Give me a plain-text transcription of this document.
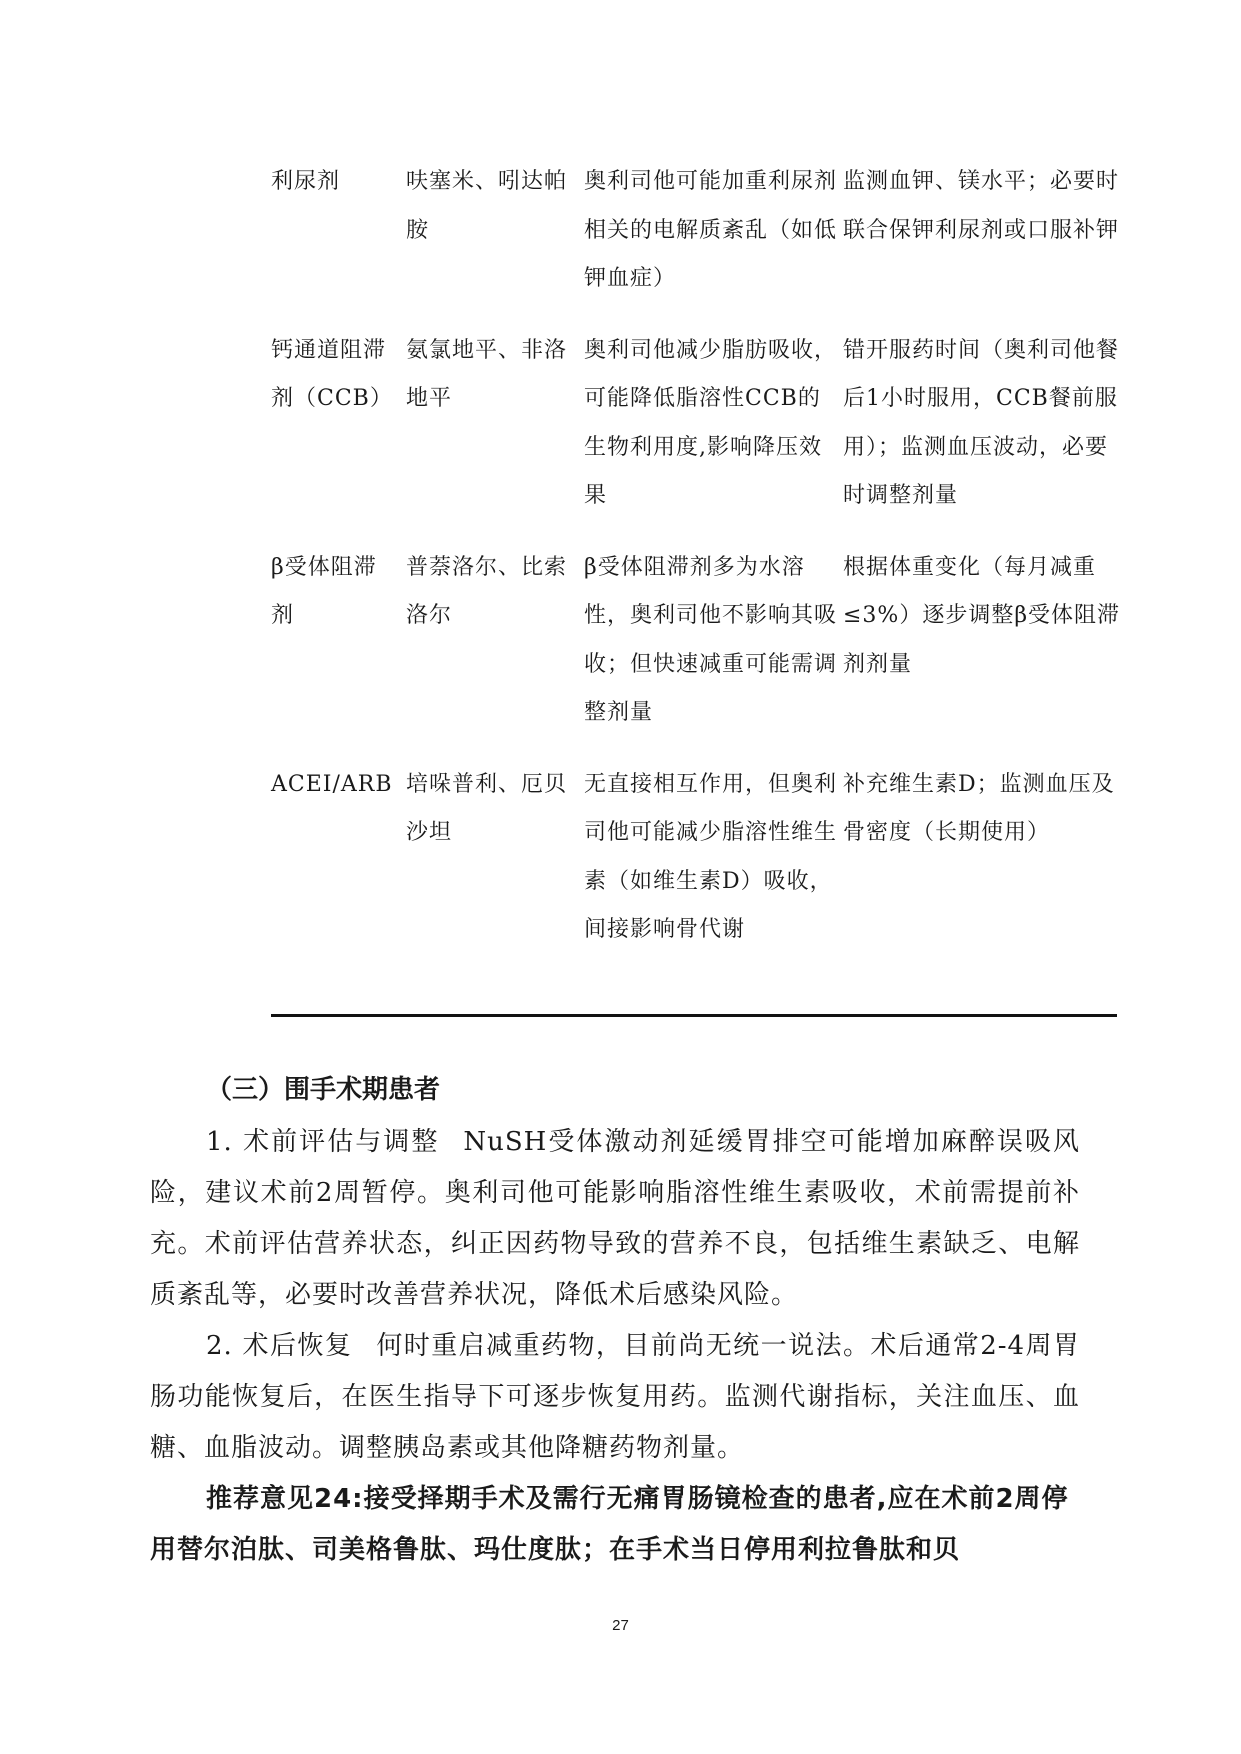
利尿剂	呋塞米、吲达帕胺	奥利司他可能加重利尿剂相关的电解质紊乱（如低钾血症）	监测血钾、镁水平；必要时联合保钾利尿剂或口服补钾
钙通道阻滞剂（CCB）	氨氯地平、非洛地平	奥利司他减少脂肪吸收，可能降低脂溶性CCB的生物利用度,影响降压效果	错开服药时间（奥利司他餐后1小时服用，CCB餐前服用）；监测血压波动，必要时调整剂量
β受体阻滞剂	普萘洛尔、比索洛尔	β受体阻滞剂多为水溶性，奥利司他不影响其吸收；但快速减重可能需调整剂量	根据体重变化（每月减重≤3%）逐步调整β受体阻滞剂剂量
ACEI/ARB	培哚普利、厄贝沙坦	无直接相互作用，但奥利司他可能减少脂溶性维生素（如维生素D）吸收，间接影响骨代谢	补充维生素D；监测血压及骨密度（长期使用）
（三）围手术期患者

1. 术前评估与调整 NuSH受体激动剂延缓胃排空可能增加麻醉误吸风险，建议术前2周暂停。奥利司他可能影响脂溶性维生素吸收，术前需提前补充。术前评估营养状态，纠正因药物导致的营养不良，包括维生素缺乏、电解质紊乱等，必要时改善营养状况，降低术后感染风险。

2. 术后恢复 何时重启减重药物，目前尚无统一说法。术后通常2-4周胃肠功能恢复后，在医生指导下可逐步恢复用药。监测代谢指标，关注血压、血糖、血脂波动。调整胰岛素或其他降糖药物剂量。

推荐意见24:接受择期手术及需行无痛胃肠镜检查的患者,应在术前2周停用替尔泊肽、司美格鲁肽、玛仕度肽；在手术当日停用利拉鲁肽和贝

27
